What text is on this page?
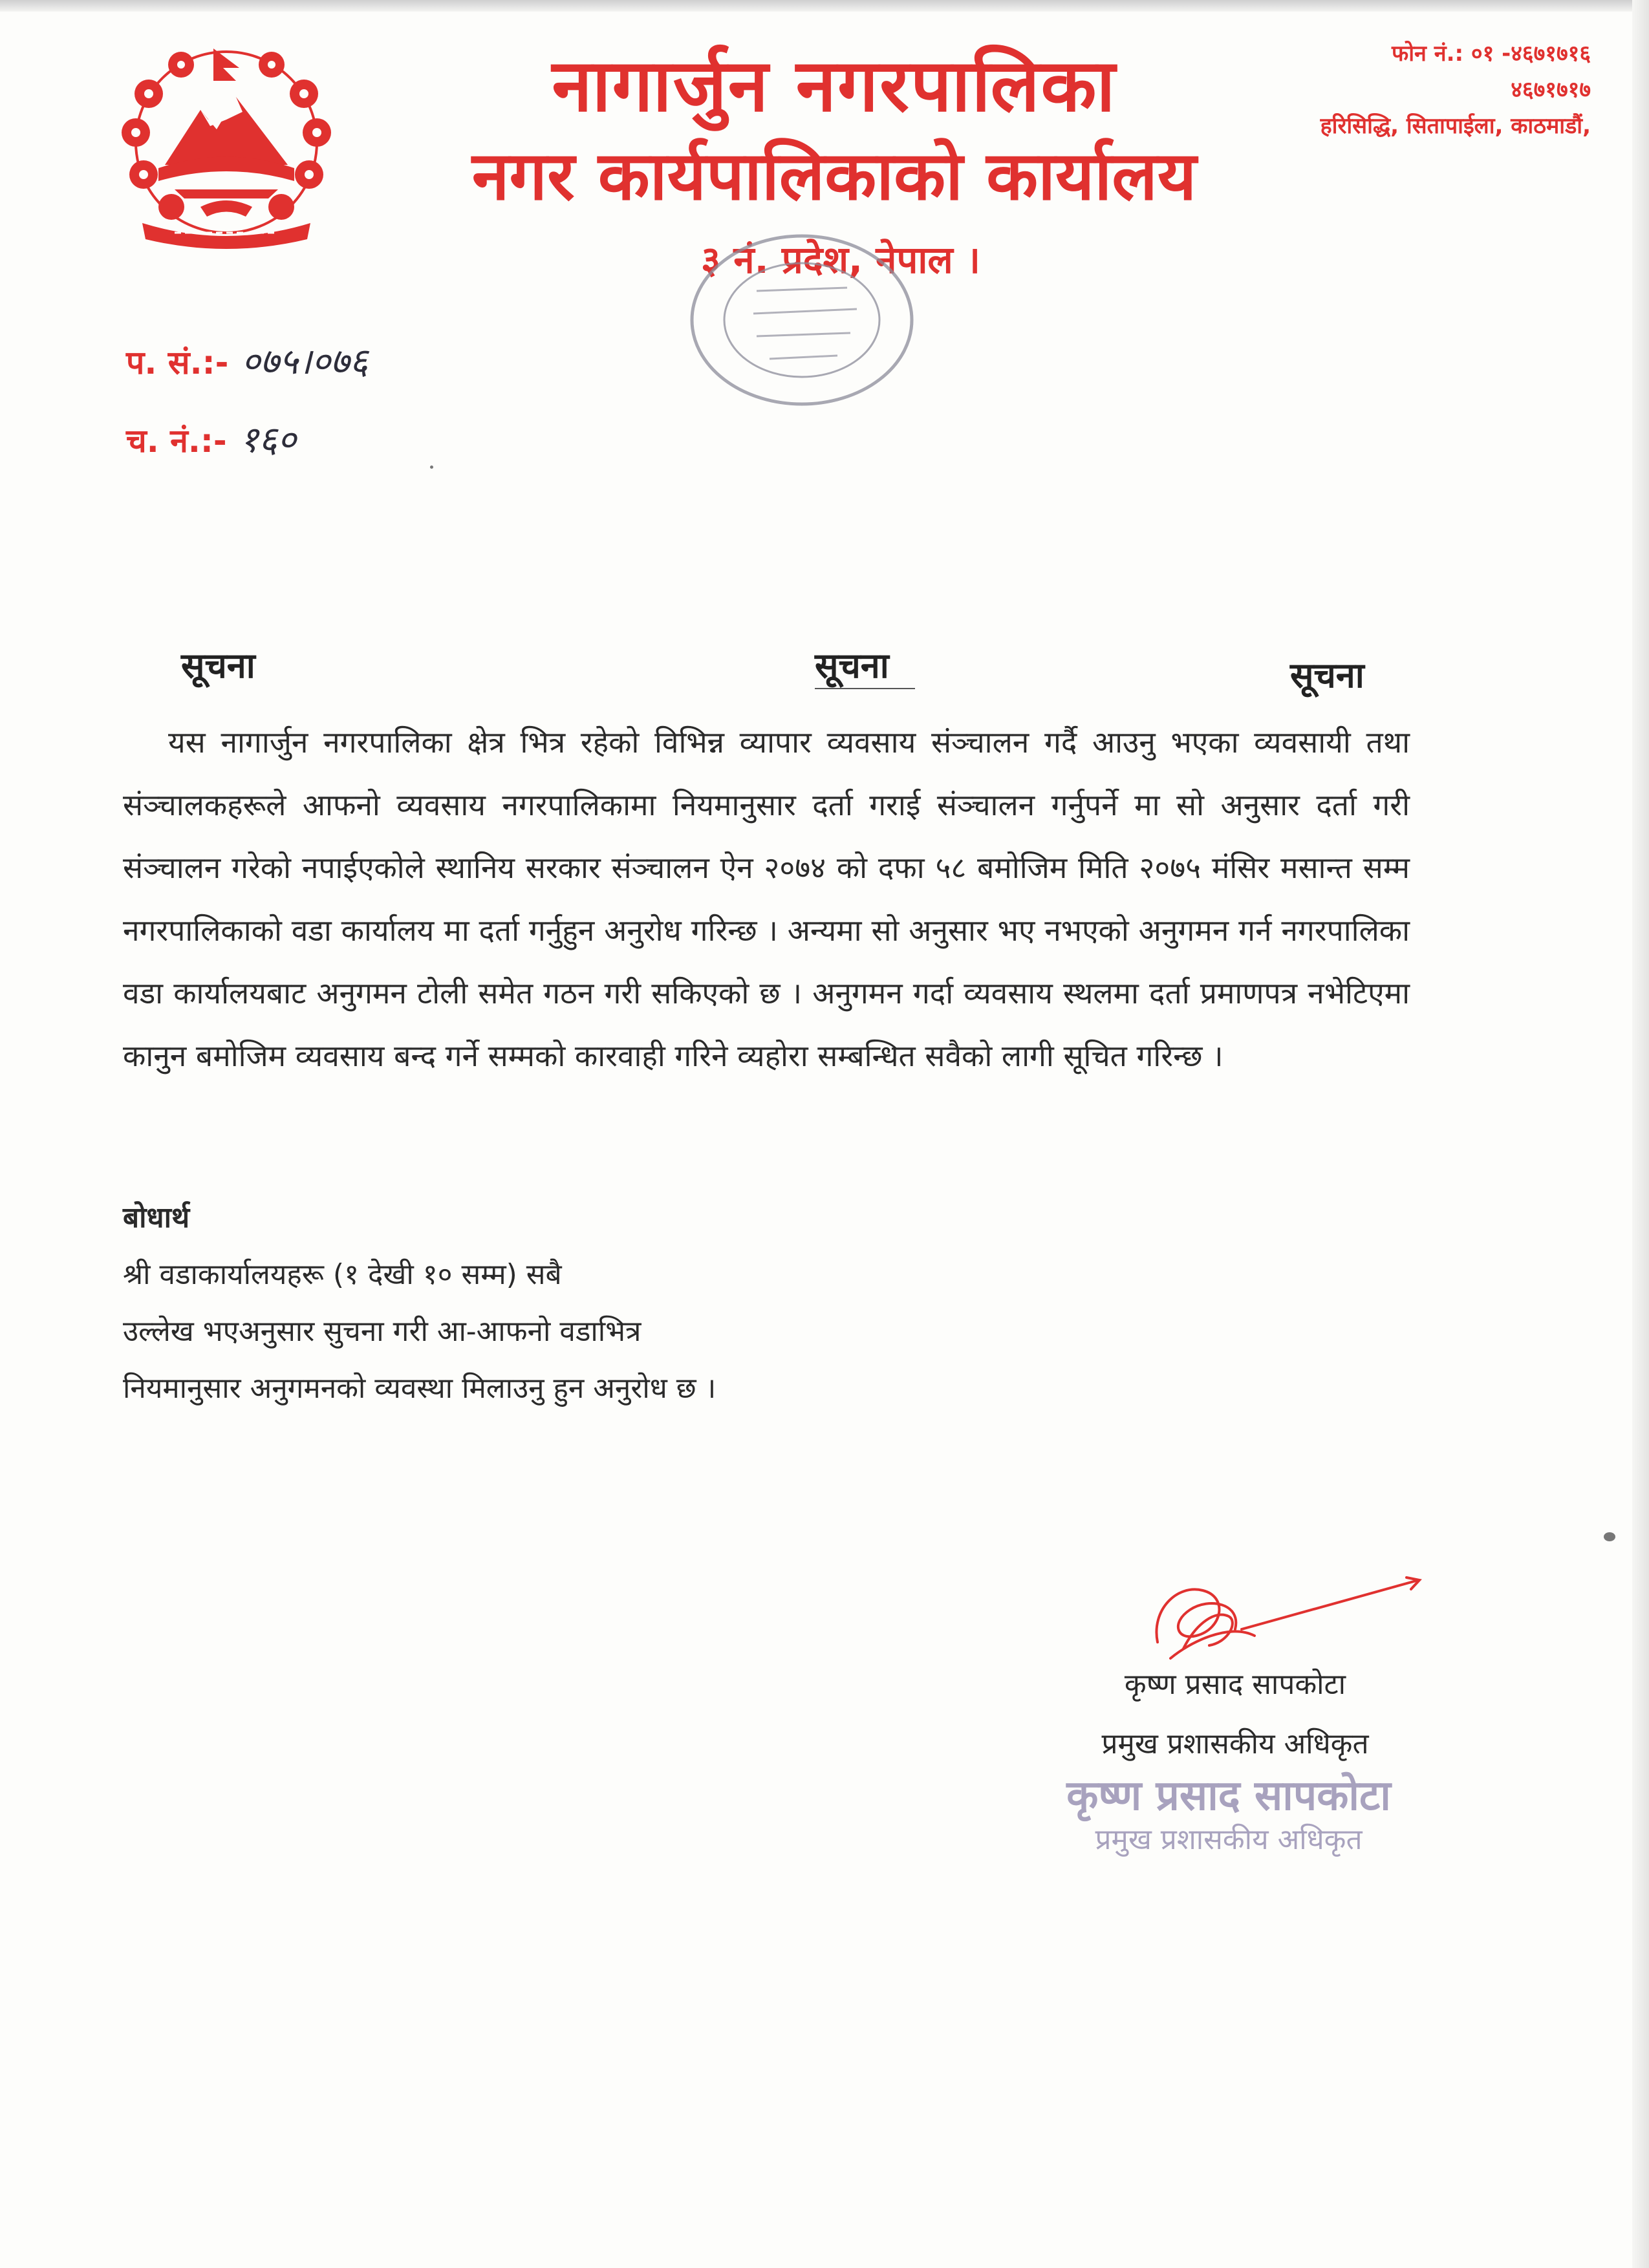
नागार्जुन नगरपालिका
नगर कार्यपालिकाको कार्यालय
३ नं. प्रदेश, नेपाल ।
फोन नं.: ०१ -४६७१७१६
४६७१७१७
हरिसिद्धि, सितापाईला, काठमाडौं,
प. सं.:- ०७५।०७६
च. नं.:- १६०
सूचना	सूचना	सूचना
यस नागार्जुन नगरपालिका क्षेत्र भित्र रहेको विभिन्न व्यापार व्यवसाय संञ्चालन गर्दै आउनु भएका व्यवसायी तथा संञ्चालकहरूले आफनो व्यवसाय नगरपालिकामा नियमानुसार दर्ता गराई संञ्चालन गर्नुपर्ने मा सो अनुसार दर्ता गरी संञ्चालन गरेको नपाईएकोले स्थानिय सरकार संञ्चालन ऐन २०७४ को दफा ५८ बमोजिम मिति २०७५ मंसिर मसान्त सम्म नगरपालिकाको वडा कार्यालय मा दर्ता गर्नुहुन अनुरोध गरिन्छ । अन्यमा सो अनुसार भए नभएको अनुगमन गर्न नगरपालिका वडा कार्यालयबाट अनुगमन टोली समेत गठन गरी सकिएको छ । अनुगमन गर्दा व्यवसाय स्थलमा दर्ता प्रमाणपत्र नभेटिएमा कानुन बमोजिम व्यवसाय बन्द गर्ने सम्मको कारवाही गरिने व्यहोरा सम्बन्धित सवैको लागी सूचित गरिन्छ ।
बोधार्थ
श्री वडाकार्यालयहरू (१ देखी १० सम्म) सबै
उल्लेख भएअनुसार सुचना गरी आ-आफनो वडाभित्र
नियमानुसार अनुगमनको व्यवस्था मिलाउनु हुन अनुरोध छ ।
कृष्ण प्रसाद सापकोटा
प्रमुख प्रशासकीय अधिकृत
कृष्ण प्रसाद सापकोटा
प्रमुख प्रशासकीय अधिकृत
